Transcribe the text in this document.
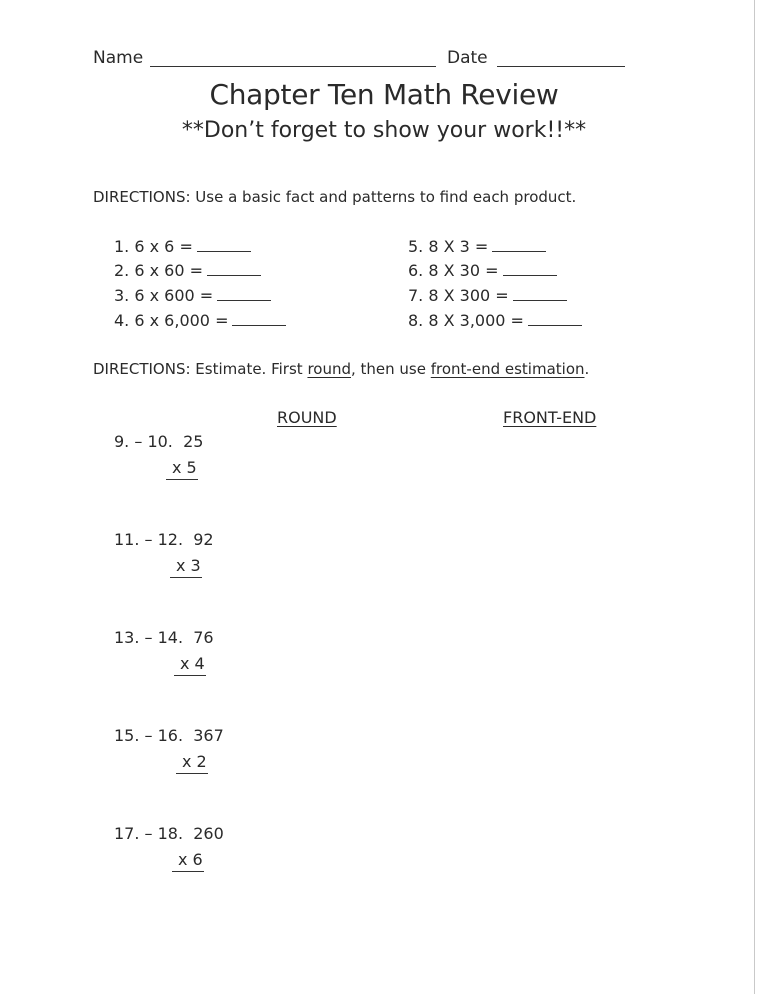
Name	Date
Chapter Ten Math Review
**Don’t forget to show your work!!**
DIRECTIONS: Use a basic fact and patterns to find each product.
1. 6 x 6 =
2. 6 x 60 =
3. 6 x 600 =
4. 6 x 6,000 =
5. 8 X 3 =
6. 8 X 30 =
7. 8 X 300 =
8. 8 X 3,000 =
DIRECTIONS: Estimate. First round, then use front-end estimation.
ROUND	FRONT-END
9. – 10. 25
x 5
11. – 12. 92
x 3
13. – 14. 76
x 4
15. – 16. 367
x 2
17. – 18. 260
x 6
